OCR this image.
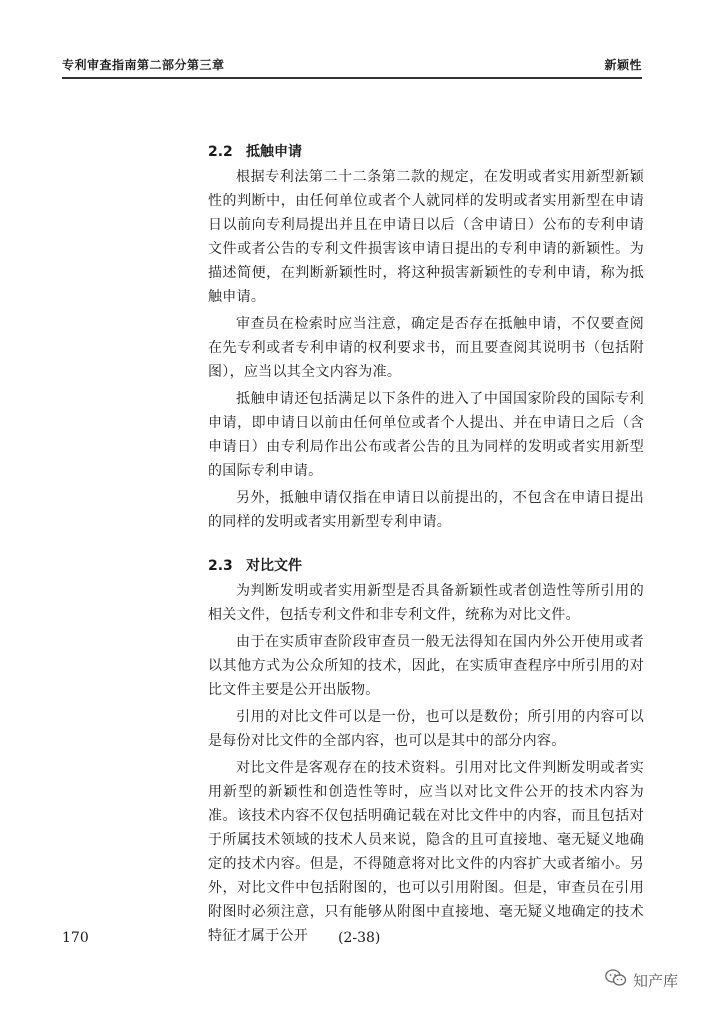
专利审查指南第二部分第三章	新颖性
2.2 抵触申请

根据专利法第二十二条第二款的规定，在发明或者实用新型新颖性的判断中，由任何单位或者个人就同样的发明或者实用新型在申请日以前向专利局提出并且在申请日以后（含申请日）公布的专利申请文件或者公告的专利文件损害该申请日提出的专利申请的新颖性。为描述简便，在判断新颖性时，将这种损害新颖性的专利申请，称为抵触申请。

审查员在检索时应当注意，确定是否存在抵触申请，不仅要查阅在先专利或者专利申请的权利要求书，而且要查阅其说明书（包括附图），应当以其全文内容为准。

抵触申请还包括满足以下条件的进入了中国国家阶段的国际专利申请，即申请日以前由任何单位或者个人提出、并在申请日之后（含申请日）由专利局作出公布或者公告的且为同样的发明或者实用新型的国际专利申请。

另外，抵触申请仅指在申请日以前提出的，不包含在申请日提出的同样的发明或者实用新型专利申请。

2.3 对比文件

为判断发明或者实用新型是否具备新颖性或者创造性等所引用的相关文件，包括专利文件和非专利文件，统称为对比文件。

由于在实质审查阶段审查员一般无法得知在国内外公开使用或者以其他方式为公众所知的技术，因此，在实质审查程序中所引用的对比文件主要是公开出版物。

引用的对比文件可以是一份，也可以是数份；所引用的内容可以是每份对比文件的全部内容，也可以是其中的部分内容。

对比文件是客观存在的技术资料。引用对比文件判断发明或者实用新型的新颖性和创造性等时，应当以对比文件公开的技术内容为准。该技术内容不仅包括明确记载在对比文件中的内容，而且包括对于所属技术领域的技术人员来说，隐含的且可直接地、毫无疑义地确定的技术内容。但是，不得随意将对比文件的内容扩大或者缩小。另外，对比文件中包括附图的，也可以引用附图。但是，审查员在引用附图时必须注意，只有能够从附图中直接地、毫无疑义地确定的技术特征才属于公开

170	(2-38)
知产库
